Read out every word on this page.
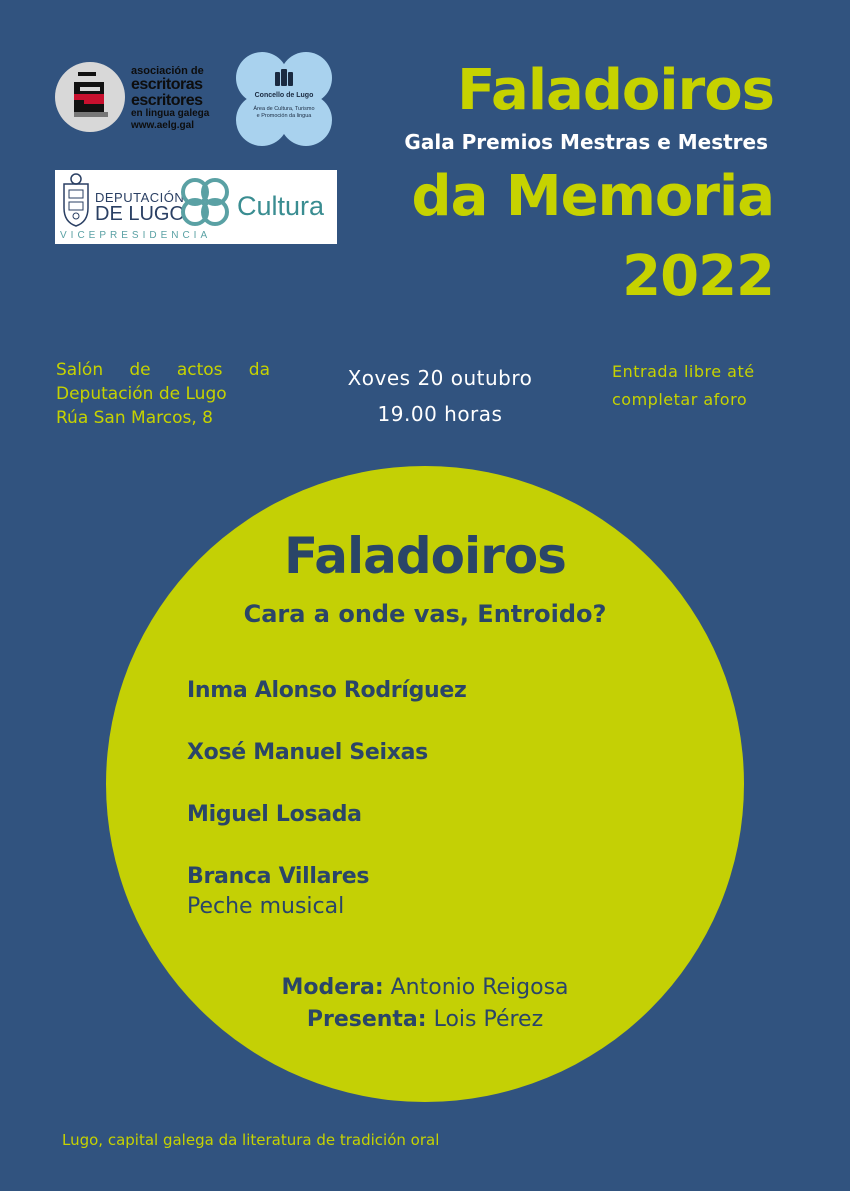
asociación de
escritoras
escritores
en lingua galega
www.aelg.gal
Concello de Lugo
Área de Cultura, Turismo
e Promoción da lingua
DEPUTACIÓN
DE LUGO Cultura
VICEPRESIDENCIA
Faladoiros
Gala Premios Mestras e Mestres
da Memoria
2022
Salón de actos da
Deputación de Lugo
Rúa San Marcos, 8
Xoves 20 outubro
19.00 horas
Entrada libre até
completar aforo
Faladoiros
Cara a onde vas, Entroido?
Inma Alonso Rodríguez
Xosé Manuel Seixas
Miguel Losada
Branca Villares
Peche musical
Modera: Antonio Reigosa
Presenta: Lois Pérez
Lugo, capital galega da literatura de tradición oral
